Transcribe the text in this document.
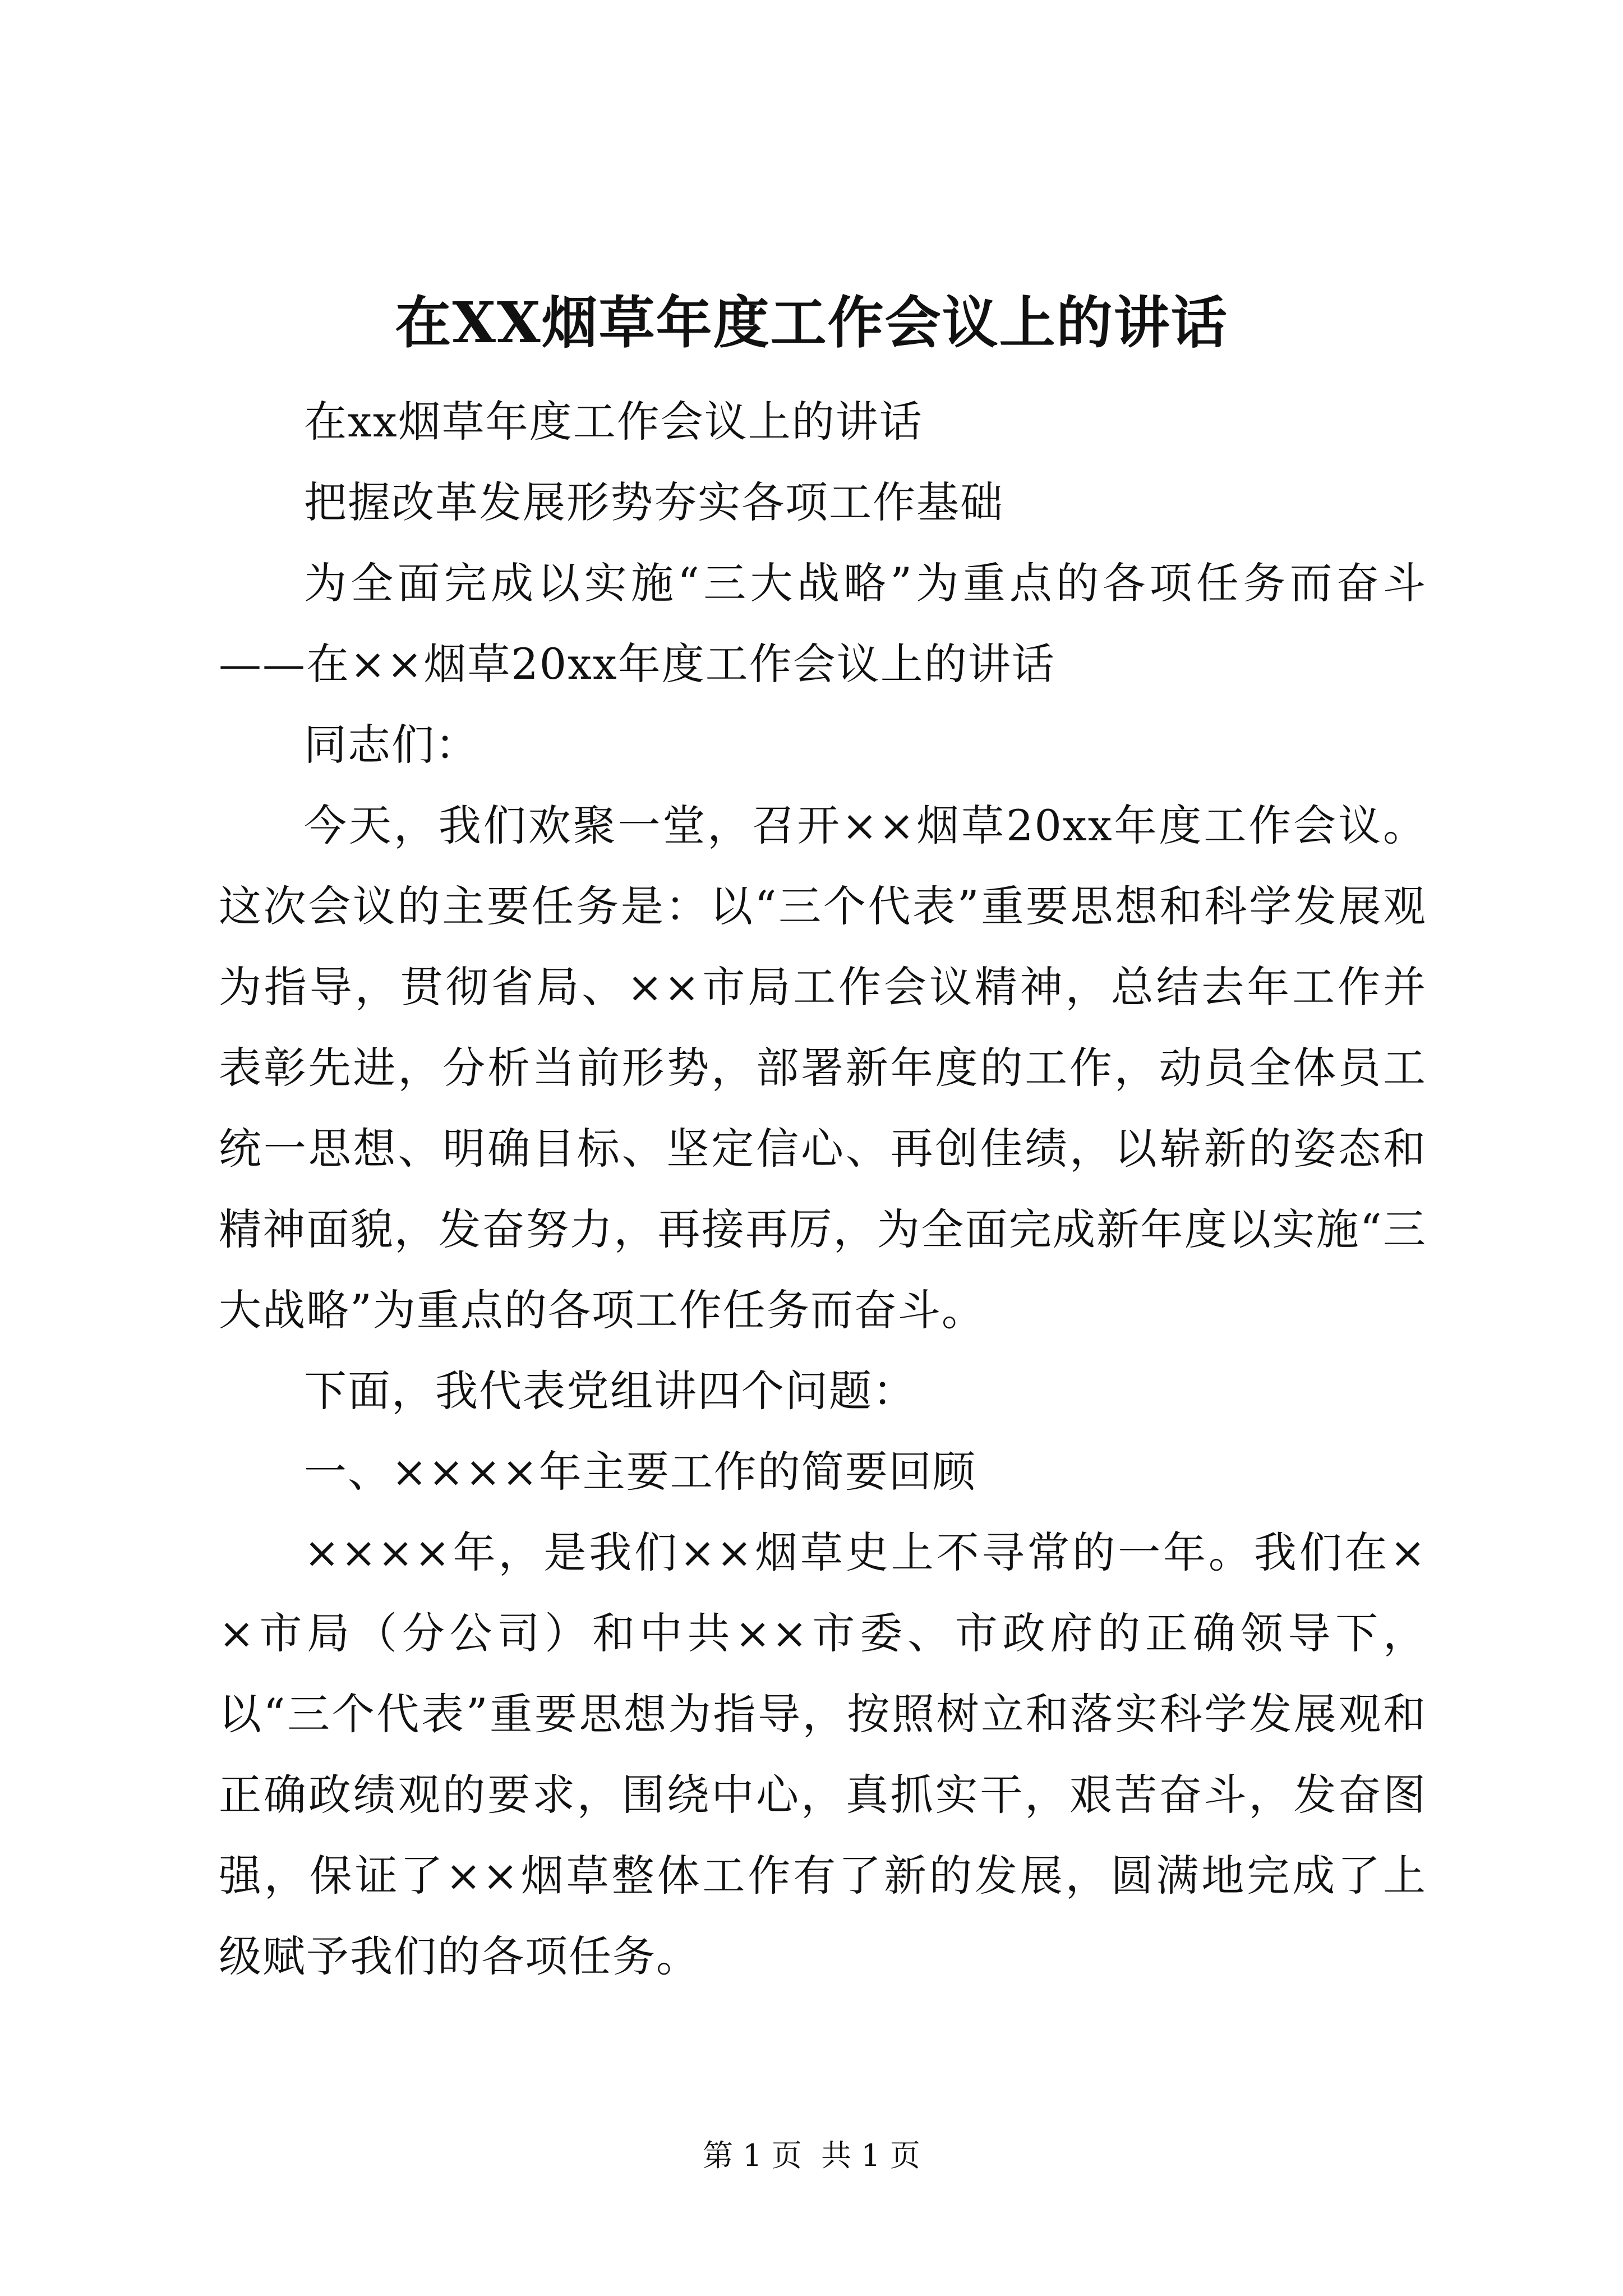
在XX烟草年度工作会议上的讲话

在xx烟草年度工作会议上的讲话

把握改革发展形势夯实各项工作基础

为全面完成以实施“三大战略”为重点的各项任务而奋斗——在××烟草20xx年度工作会议上的讲话

同志们：

今天，我们欢聚一堂，召开××烟草20xx年度工作会议。这次会议的主要任务是：以“三个代表”重要思想和科学发展观为指导，贯彻省局、××市局工作会议精神，总结去年工作并表彰先进，分析当前形势，部署新年度的工作，动员全体员工统一思想、明确目标、坚定信心、再创佳绩，以崭新的姿态和精神面貌，发奋努力，再接再厉，为全面完成新年度以实施“三大战略”为重点的各项工作任务而奋斗。

下面，我代表党组讲四个问题：

一、××××年主要工作的简要回顾

××××年，是我们××烟草史上不寻常的一年。我们在××市局（分公司）和中共××市委、市政府的正确领导下，以“三个代表”重要思想为指导，按照树立和落实科学发展观和正确政绩观的要求，围绕中心，真抓实干，艰苦奋斗，发奋图强，保证了××烟草整体工作有了新的发展，圆满地完成了上级赋予我们的各项任务。

第 1 页  共 1 页
